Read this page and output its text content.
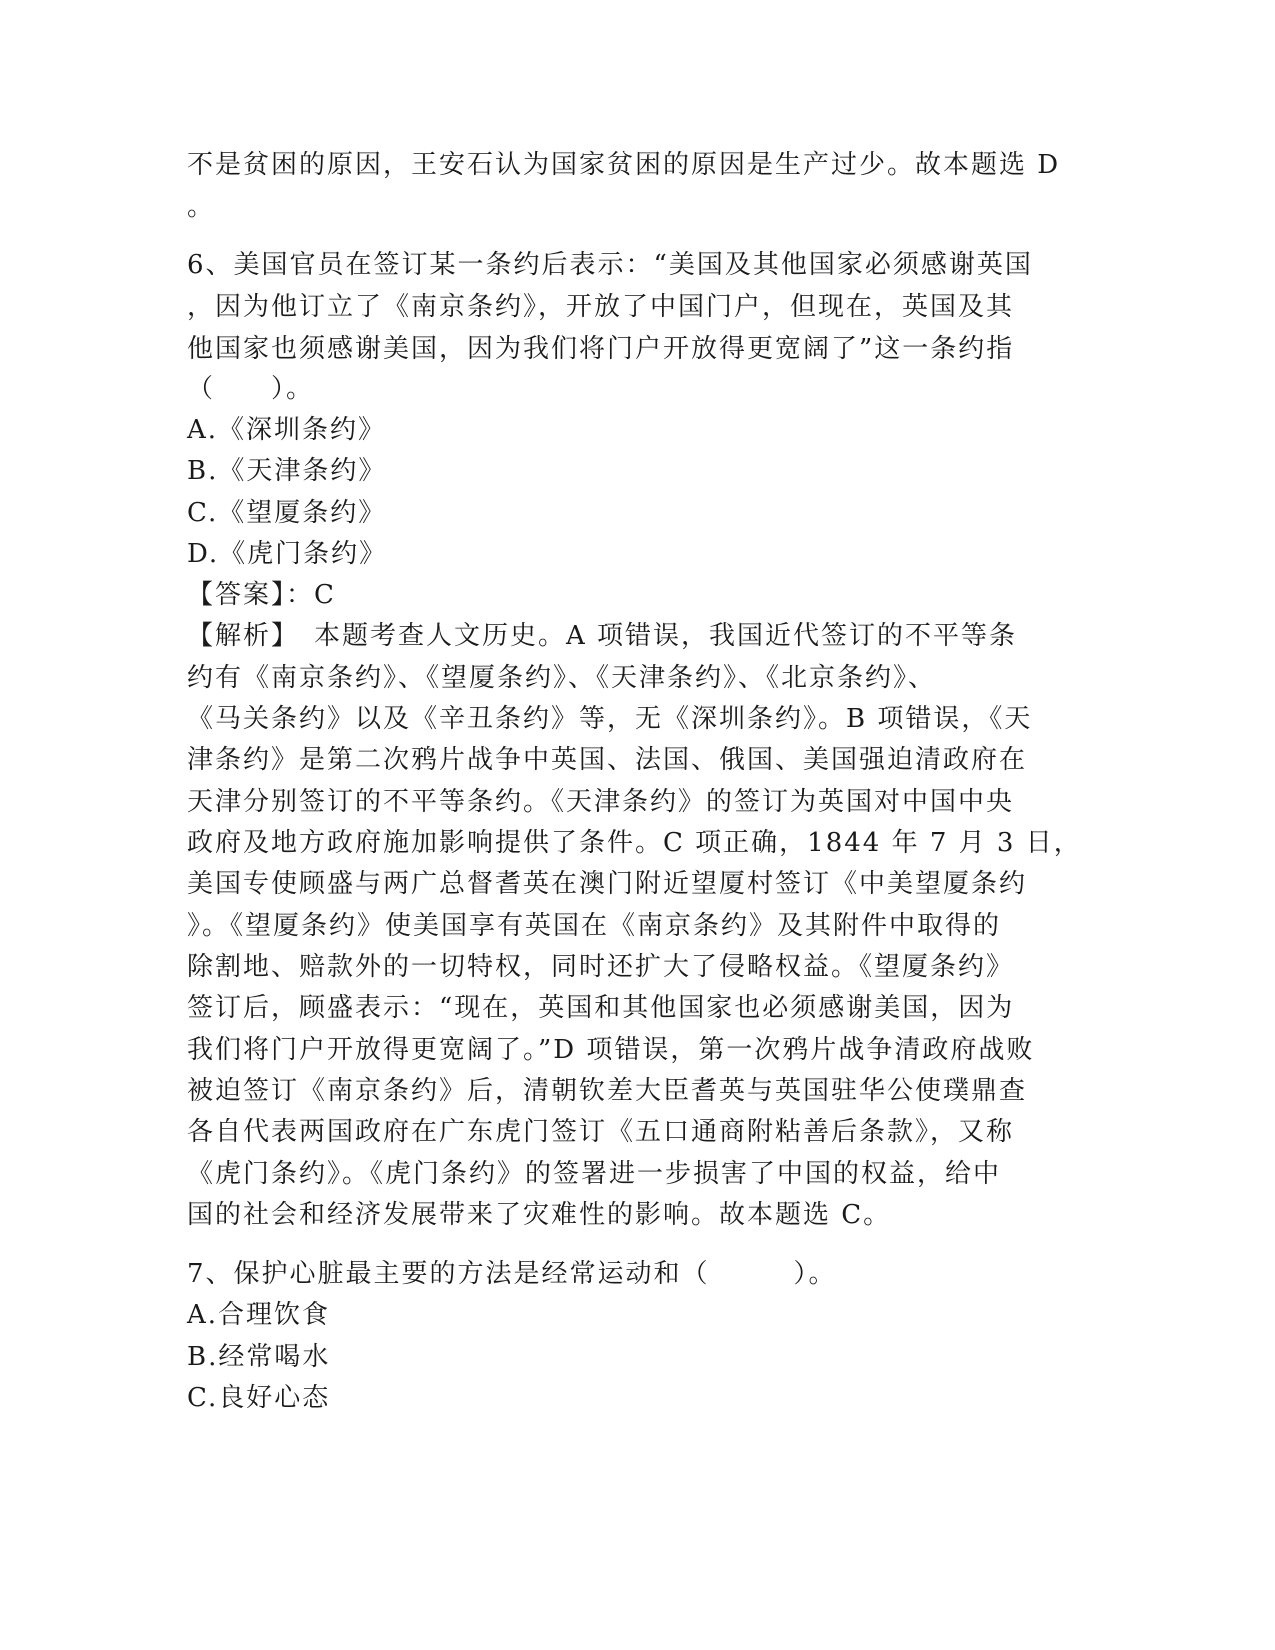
不是贫困的原因，王安石认为国家贫困的原因是生产过少。故本题选 D
。
6、美国官员在签订某一条约后表示：“美国及其他国家必须感谢英国
，因为他订立了《南京条约》，开放了中国门户，但现在，英国及其
他国家也须感谢美国，因为我们将门户开放得更宽阔了”这一条约指
（　　）。
A.《深圳条约》
B.《天津条约》
C.《望厦条约》
D.《虎门条约》
【答案】：C
【解析】　本题考查人文历史。A 项错误，我国近代签订的不平等条
约有《南京条约》、《望厦条约》、《天津条约》、《北京条约》、
《马关条约》以及《辛丑条约》等，无《深圳条约》。B 项错误，《天
津条约》是第二次鸦片战争中英国、法国、俄国、美国强迫清政府在
天津分别签订的不平等条约。《天津条约》的签订为英国对中国中央
政府及地方政府施加影响提供了条件。C 项正确，1844 年 7 月 3 日，
美国专使顾盛与两广总督耆英在澳门附近望厦村签订《中美望厦条约
》。《望厦条约》使美国享有英国在《南京条约》及其附件中取得的
除割地、赔款外的一切特权，同时还扩大了侵略权益。《望厦条约》
签订后，顾盛表示：“现在，英国和其他国家也必须感谢美国，因为
我们将门户开放得更宽阔了。”D 项错误，第一次鸦片战争清政府战败
被迫签订《南京条约》后，清朝钦差大臣耆英与英国驻华公使璞鼎查
各自代表两国政府在广东虎门签订《五口通商附粘善后条款》，又称
《虎门条约》。《虎门条约》的签署进一步损害了中国的权益，给中
国的社会和经济发展带来了灾难性的影响。故本题选 C。
7、保护心脏最主要的方法是经常运动和（　　　）。
A.合理饮食
B.经常喝水
C.良好心态
